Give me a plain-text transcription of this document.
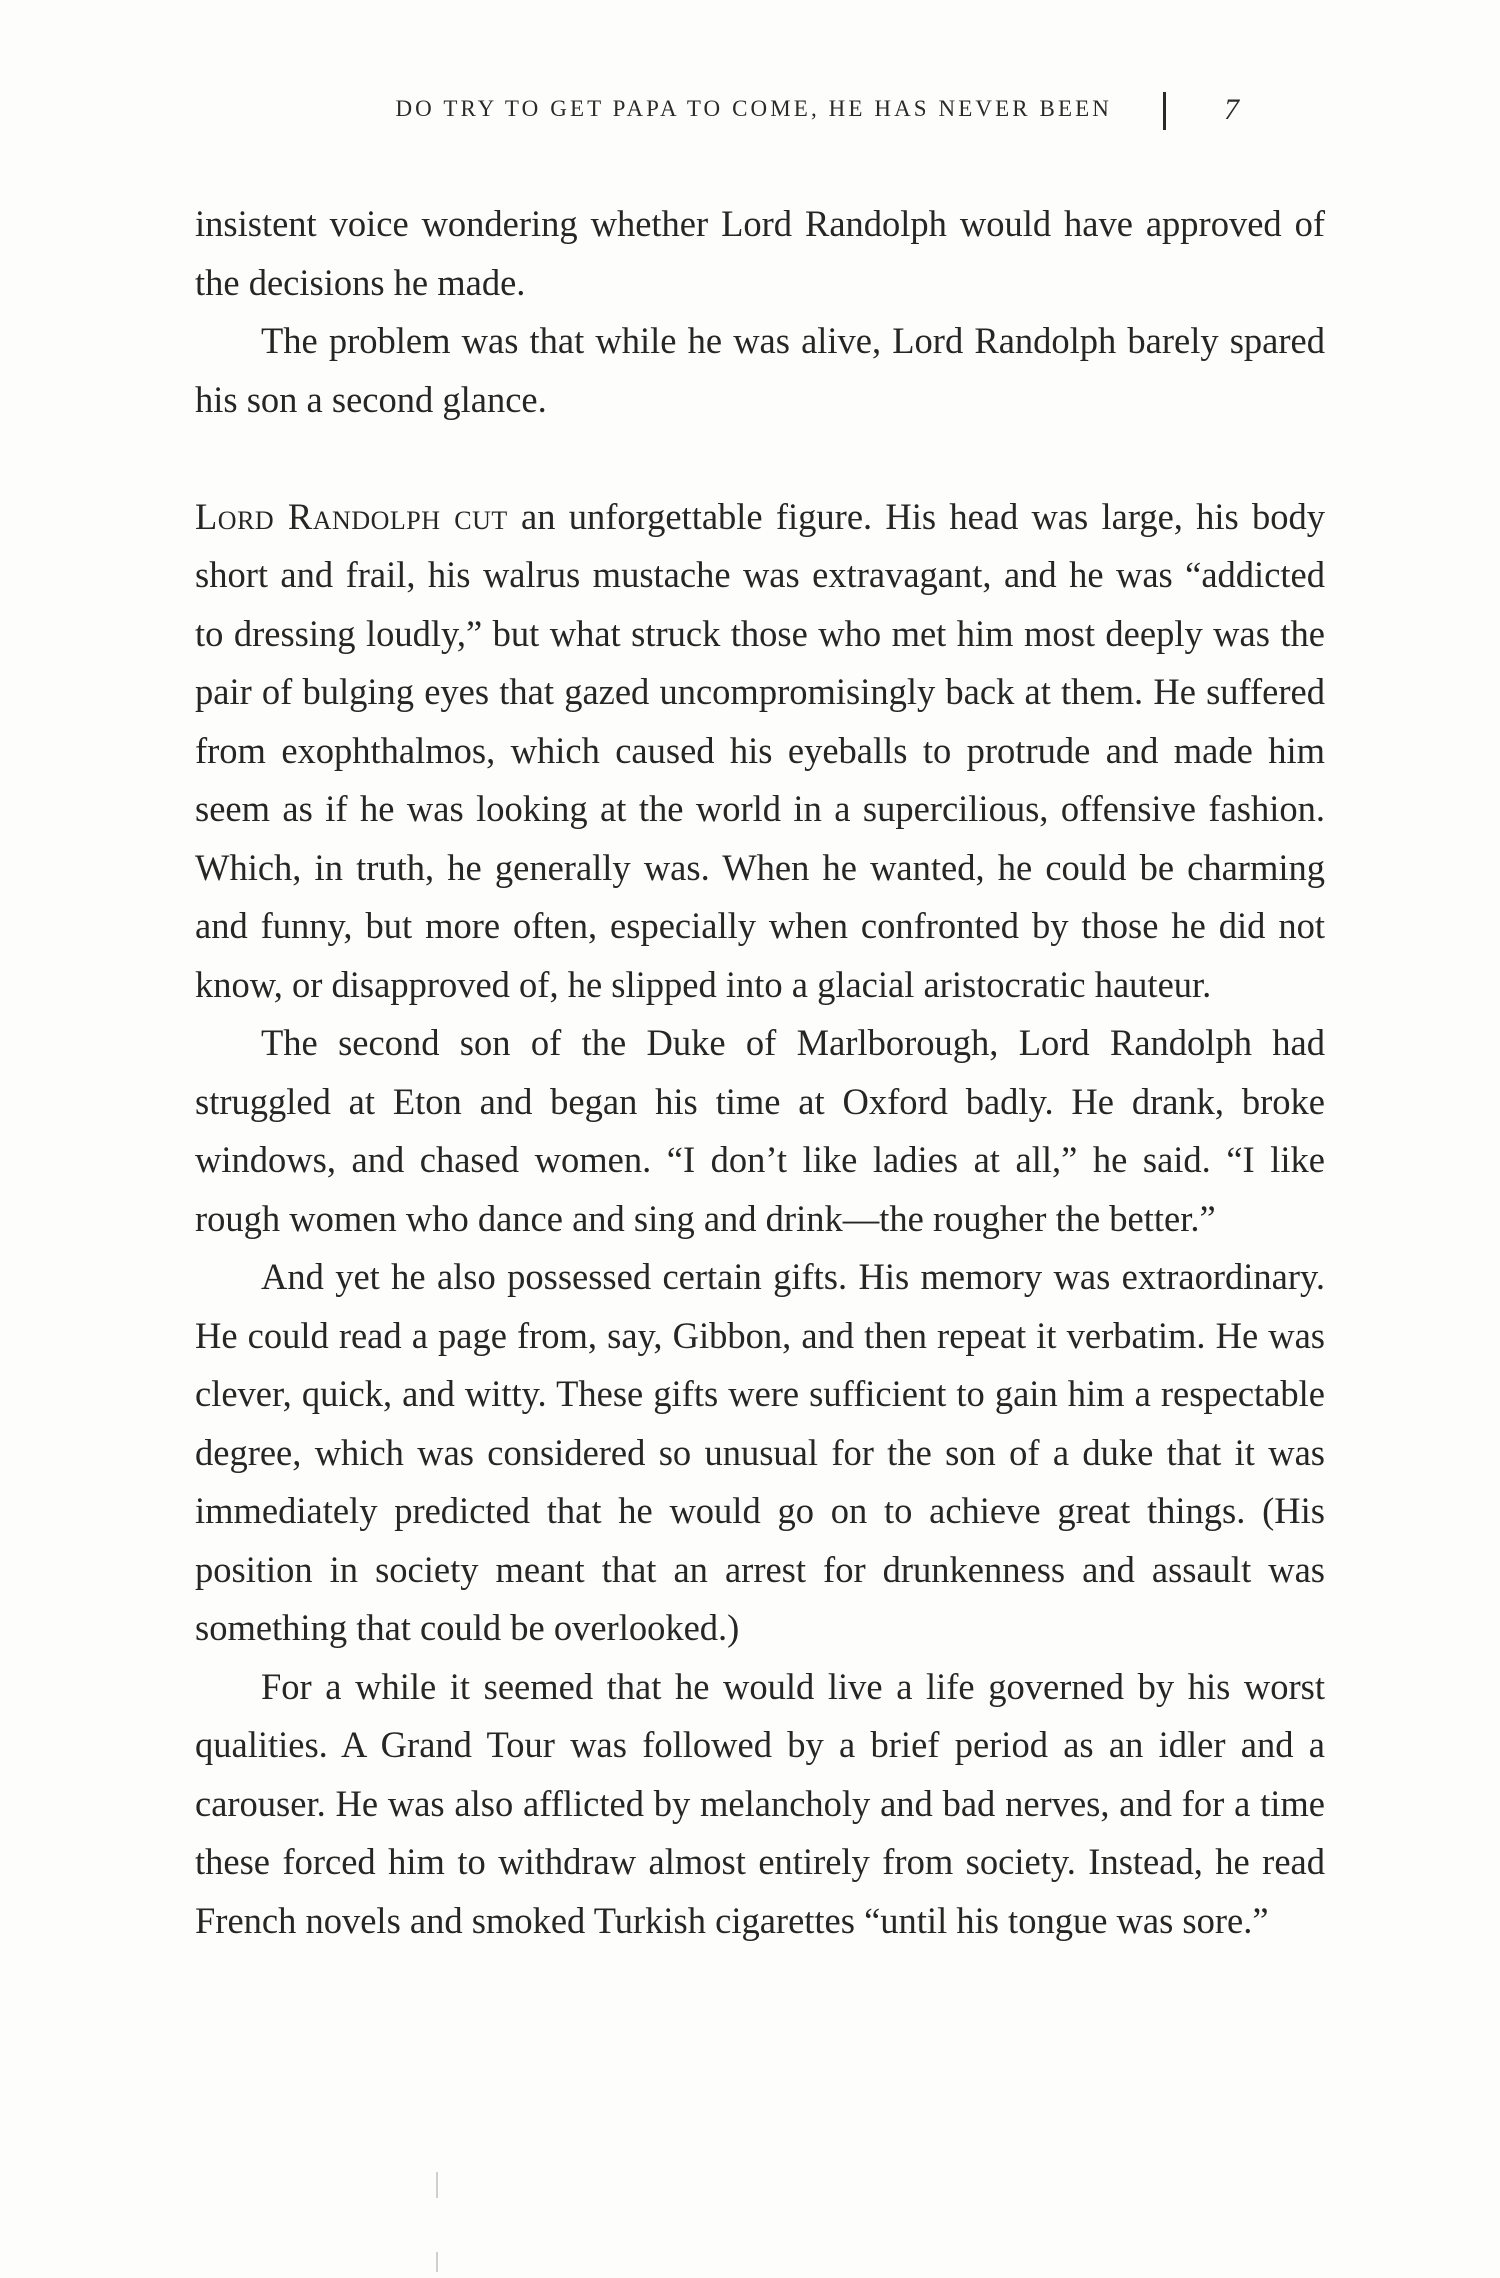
DO TRY TO GET PAPA TO COME, HE HAS NEVER BEEN	7

insistent voice wondering whether Lord Randolph would have approved of the decisions he made.

The problem was that while he was alive, Lord Randolph barely spared his son a second glance.

Lord Randolph cut an unforgettable figure. His head was large, his body short and frail, his walrus mustache was extravagant, and he was “addicted to dressing loudly,” but what struck those who met him most deeply was the pair of bulging eyes that gazed uncompromisingly back at them. He suffered from exophthalmos, which caused his eyeballs to protrude and made him seem as if he was looking at the world in a supercilious, offensive fashion. Which, in truth, he generally was. When he wanted, he could be charming and funny, but more often, especially when confronted by those he did not know, or disapproved of, he slipped into a glacial aristocratic hauteur.

The second son of the Duke of Marlborough, Lord Randolph had struggled at Eton and began his time at Oxford badly. He drank, broke windows, and chased women. “I don’t like ladies at all,” he said. “I like rough women who dance and sing and drink—the rougher the better.”

And yet he also possessed certain gifts. His memory was extraordinary. He could read a page from, say, Gibbon, and then repeat it verbatim. He was clever, quick, and witty. These gifts were sufficient to gain him a respectable degree, which was considered so unusual for the son of a duke that it was immediately predicted that he would go on to achieve great things. (His position in society meant that an arrest for drunkenness and assault was something that could be overlooked.)

For a while it seemed that he would live a life governed by his worst qualities. A Grand Tour was followed by a brief period as an idler and a carouser. He was also afflicted by melancholy and bad nerves, and for a time these forced him to withdraw almost entirely from society. Instead, he read French novels and smoked Turkish cigarettes “until his tongue was sore.”
